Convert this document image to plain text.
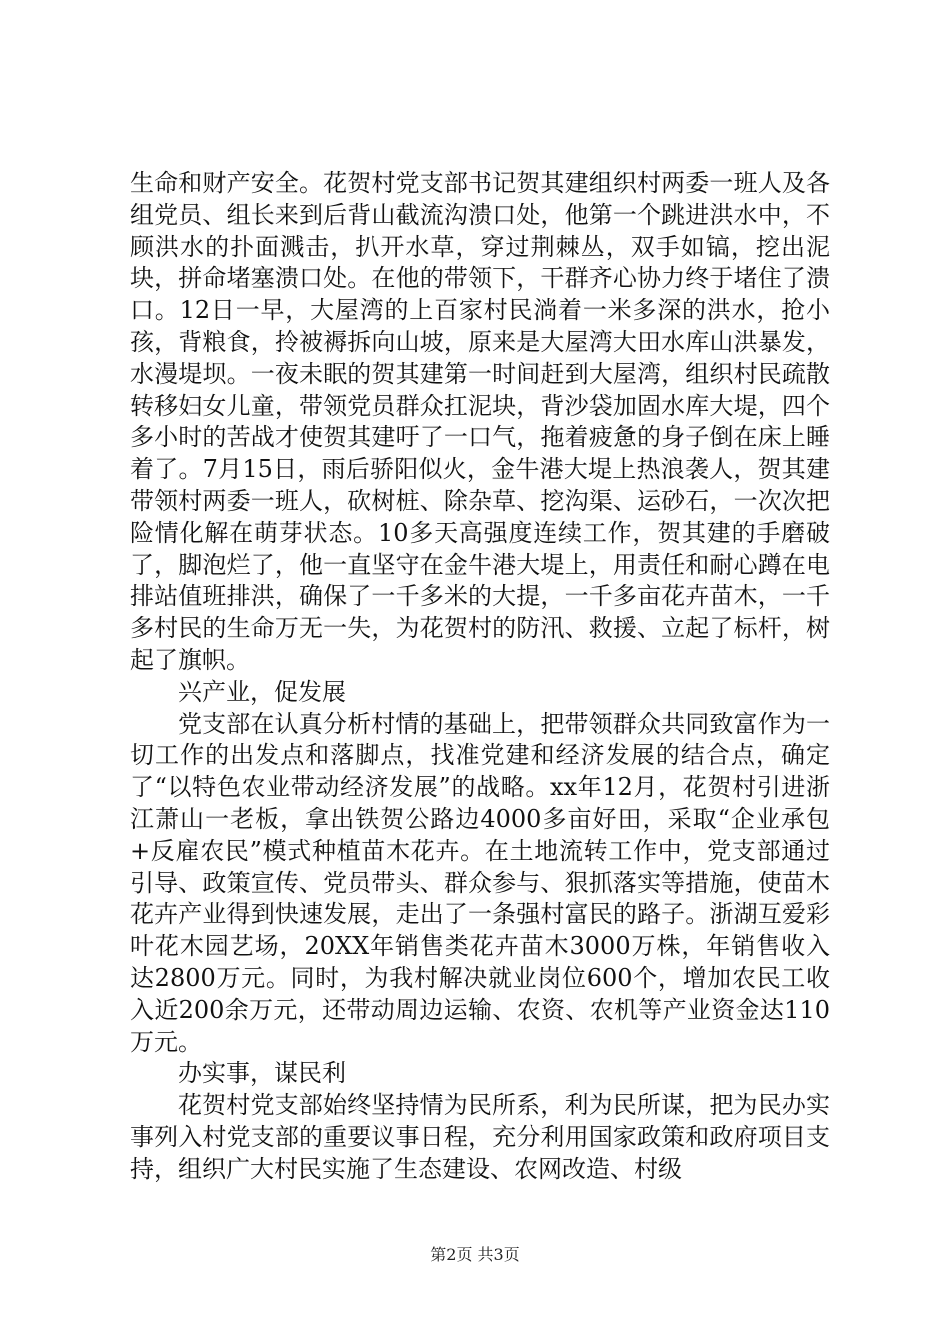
生命和财产安全。花贺村党支部书记贺其建组织村两委一班人及各组党员、组长来到后背山截流沟溃口处，他第一个跳进洪水中，不顾洪水的扑面溅击，扒开水草，穿过荆棘丛，双手如镐，挖出泥块，拼命堵塞溃口处。在他的带领下，干群齐心协力终于堵住了溃口。12日一早，大屋湾的上百家村民淌着一米多深的洪水，抢小孩，背粮食，拎被褥拆向山坡，原来是大屋湾大田水库山洪暴发，水漫堤坝。一夜未眠的贺其建第一时间赶到大屋湾，组织村民疏散转移妇女儿童，带领党员群众扛泥块，背沙袋加固水库大堤，四个多小时的苦战才使贺其建吁了一口气，拖着疲惫的身子倒在床上睡着了。7月15日，雨后骄阳似火，金牛港大堤上热浪袭人，贺其建带领村两委一班人，砍树桩、除杂草、挖沟渠、运砂石，一次次把险情化解在萌芽状态。10多天高强度连续工作，贺其建的手磨破了，脚泡烂了，他一直坚守在金牛港大堤上，用责任和耐心蹲在电排站值班排洪，确保了一千多米的大提，一千多亩花卉苗木，一千多村民的生命万无一失，为花贺村的防汛、救援、立起了标杆，树起了旗帜。

兴产业，促发展

党支部在认真分析村情的基础上，把带领群众共同致富作为一切工作的出发点和落脚点，找准党建和经济发展的结合点，确定了“以特色农业带动经济发展”的战略。xx年12月，花贺村引进浙江萧山一老板，拿出铁贺公路边4000多亩好田，采取“企业承包+反雇农民”模式种植苗木花卉。在土地流转工作中，党支部通过引导、政策宣传、党员带头、群众参与、狠抓落实等措施，使苗木花卉产业得到快速发展，走出了一条强村富民的路子。浙湖互爱彩叶花木园艺场，20XX年销售类花卉苗木3000万株，年销售收入达2800万元。同时，为我村解决就业岗位600个，增加农民工收入近200余万元，还带动周边运输、农资、农机等产业资金达110万元。

办实事，谋民利

花贺村党支部始终坚持情为民所系，利为民所谋，把为民办实事列入村党支部的重要议事日程，充分利用国家政策和政府项目支持，组织广大村民实施了生态建设、农网改造、村级

第2页 共3页
